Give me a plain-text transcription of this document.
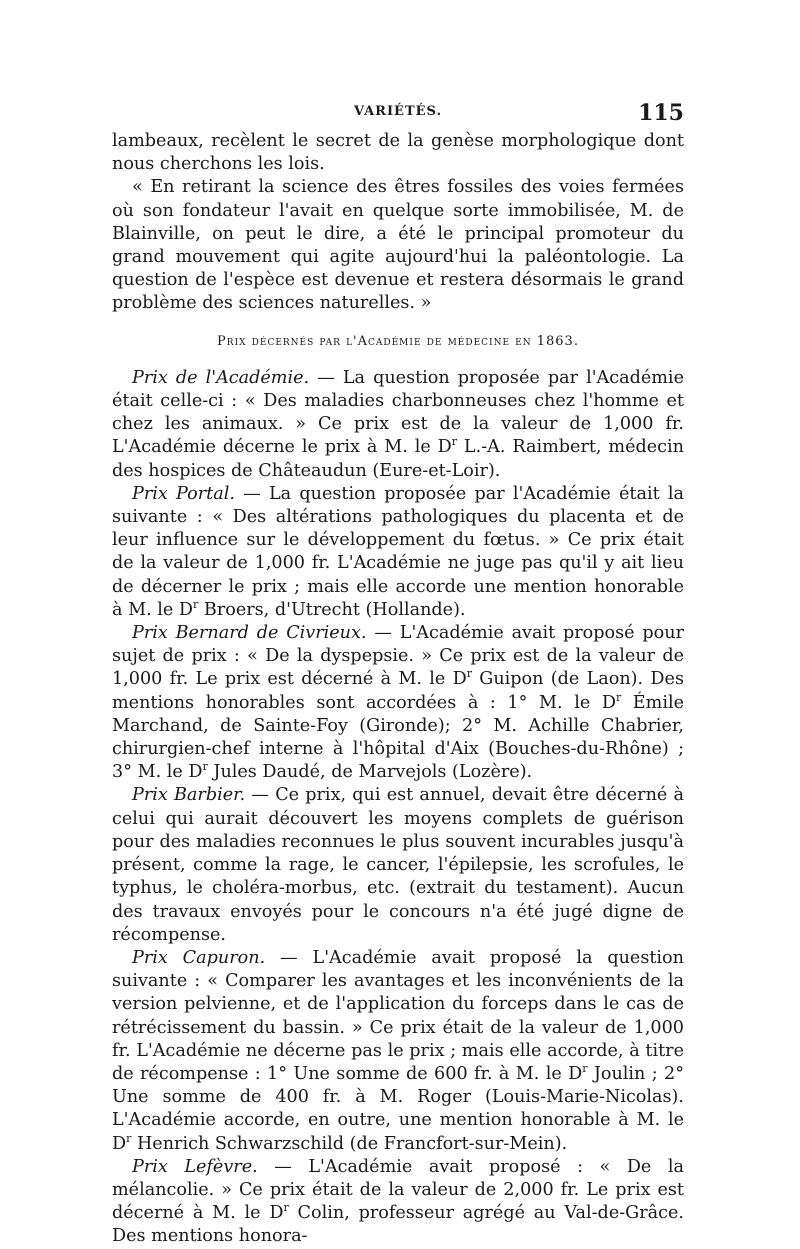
VARIÉTÉS.	115

lambeaux, recèlent le secret de la genèse morphologique dont nous cherchons les lois.

« En retirant la science des êtres fossiles des voies fermées où son fondateur l'avait en quelque sorte immobilisée, M. de Blainville, on peut le dire, a été le principal promoteur du grand mouvement qui agite aujourd'hui la paléontologie. La question de l'espèce est devenue et restera désormais le grand problème des sciences naturelles. »

Prix décernés par l'Académie de médecine en 1863.

Prix de l'Académie. — La question proposée par l'Académie était celle-ci : « Des maladies charbonneuses chez l'homme et chez les animaux. » Ce prix est de la valeur de 1,000 fr. L'Académie décerne le prix à M. le $D^r$ L.-A. Raimbert, médecin des hospices de Châteaudun (Eure-et-Loir).

Prix Portal. — La question proposée par l'Académie était la suivante : « Des altérations pathologiques du placenta et de leur influence sur le développement du fœtus. » Ce prix était de la valeur de 1,000 fr. L'Académie ne juge pas qu'il y ait lieu de décerner le prix ; mais elle accorde une mention honorable à M. le $D^r$ Broers, d'Utrecht (Hollande).

Prix Bernard de Civrieux. — L'Académie avait proposé pour sujet de prix : « De la dyspepsie. » Ce prix est de la valeur de 1,000 fr. Le prix est décerné à M. le $D^r$ Guipon (de Laon). Des mentions honorables sont accordées à : 1° M. le $D^r$ Émile Marchand, de Sainte-Foy (Gironde); 2° M. Achille Chabrier, chirurgien-chef interne à l'hôpital d'Aix (Bouches-du-Rhône) ; 3° M. le $D^r$ Jules Daudé, de Marvejols (Lozère).

Prix Barbier. — Ce prix, qui est annuel, devait être décerné à celui qui aurait découvert les moyens complets de guérison pour des maladies reconnues le plus souvent incurables jusqu'à présent, comme la rage, le cancer, l'épilepsie, les scrofules, le typhus, le choléra-morbus, etc. (extrait du testament). Aucun des travaux envoyés pour le concours n'a été jugé digne de récompense.

Prix Capuron. — L'Académie avait proposé la question suivante : « Comparer les avantages et les inconvénients de la version pelvienne, et de l'application du forceps dans le cas de rétrécissement du bassin. » Ce prix était de la valeur de 1,000 fr. L'Académie ne décerne pas le prix ; mais elle accorde, à titre de récompense : 1° Une somme de 600 fr. à M. le $D^r$ Joulin ; 2° Une somme de 400 fr. à M. Roger (Louis-Marie-Nicolas). L'Académie accorde, en outre, une mention honorable à M. le $D^r$ Henrich Schwarzschild (de Francfort-sur-Mein).

Prix Lefèvre. — L'Académie avait proposé : « De la mélancolie. » Ce prix était de la valeur de 2,000 fr. Le prix est décerné à M. le $D^r$ Colin, professeur agrégé au Val-de-Grâce. Des mentions honora-
